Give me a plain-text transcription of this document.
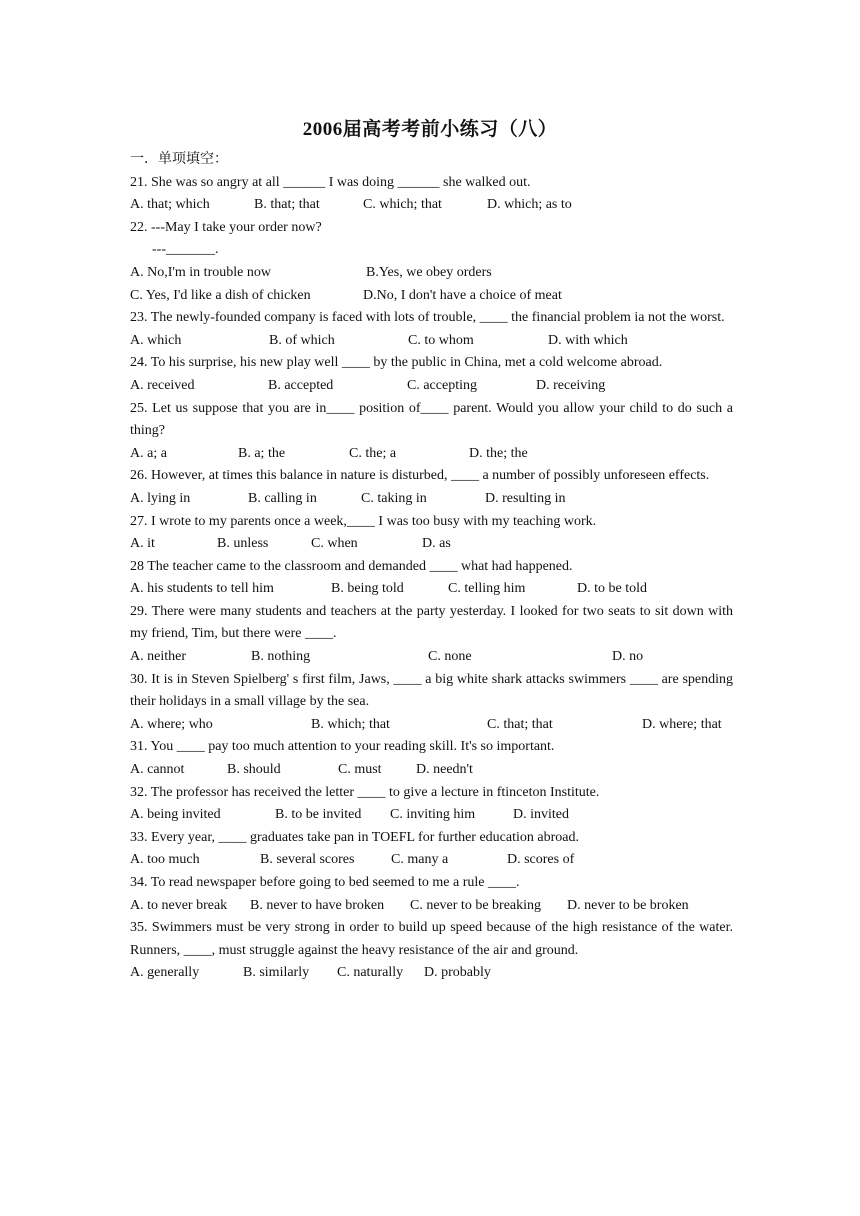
2006届高考考前小练习（八）
一．单项填空：
21. She was so angry at all ______ I was doing ______ she walked out.
A. that; which	B. that; that	C. which; that	D. which; as to
22. ---May I take your order now?
---_______.
A. No,I'm in trouble now	B.Yes, we obey orders
C. Yes, I'd like a dish of chicken	D.No, I don't have a choice of meat
23. The newly-founded company is faced with lots of trouble, ____ the financial problem ia not the worst.
A. which	B. of which	C. to whom	D. with which
24. To his surprise, his new play well ____ by the public in China, met a cold welcome abroad.
A. received	B. accepted	C. accepting	D. receiving
25. Let us suppose that you are in____ position of____ parent. Would you allow your child to do such a thing?
A. a; a	B. a; the	C. the; a	D. the; the
26. However, at times this balance in nature is disturbed, ____ a number of possibly unforeseen effects.
A. lying in	B. calling in	C. taking in	D. resulting in
27. I wrote to my parents once a week,____ I was too busy with my teaching work.
A. it	B. unless	C. when	D. as
28 The teacher came to the classroom and demanded ____ what had happened.
A. his students to tell him	B. being told	C. telling him	D. to be told
29. There were many students and teachers at the party yesterday. I looked for two seats to sit down with my friend, Tim, but there were ____.
A. neither	B. nothing	C. none	D. no
30. It is in Steven Spielberg' s first film, Jaws, ____ a big white shark attacks swimmers ____ are spending their holidays in a small village by the sea.
A. where; who	B. which; that	C. that; that	D. where; that
31. You ____ pay too much attention to your reading skill. It's so important.
A. cannot	B. should	C. must	D. needn't
32. The professor has received the letter ____ to give a lecture in ftinceton Institute.
A. being invited	B. to be invited	C. inviting him	D. invited
33. Every year, ____ graduates take pan in TOEFL for further education abroad.
A. too much	B. several scores	C. many a	D. scores of
34. To read newspaper before going to bed seemed to me a rule ____.
A. to never break	B. never to have broken	C. never to be breaking	D. never to be broken
35. Swimmers must be very strong in order to build up speed because of the high resistance of the water. Runners, ____, must struggle against the heavy resistance of the air and ground.
A. generally	B. similarly	C. naturally	D. probably
